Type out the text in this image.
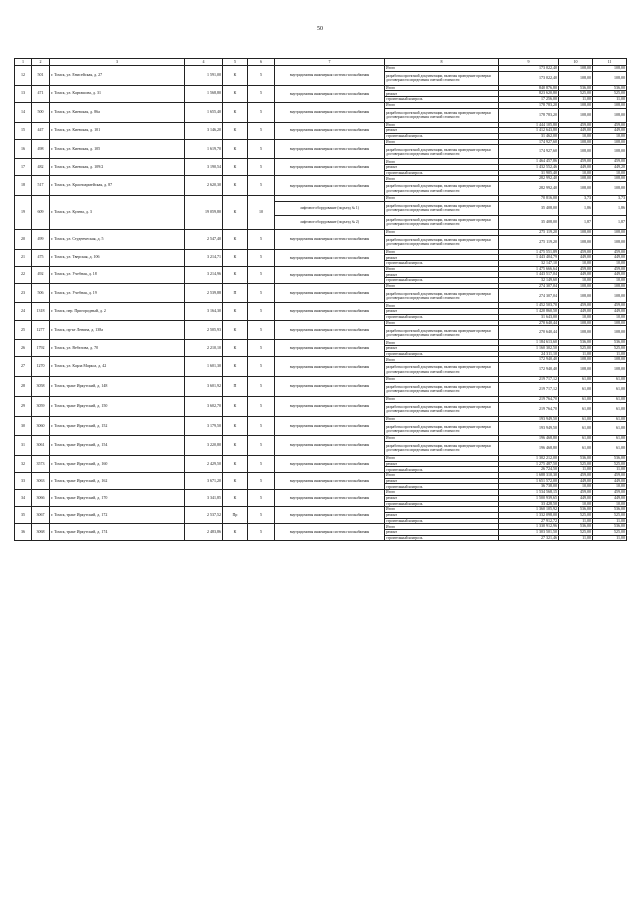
50
1	2	3	4	5	6	7	8	9	10	11
12	501	г. Томск, ул. Енисейская, д. 27	1 591,00	К	5	внутридомовая инженерная система газоснабжения	Итого	173 022,40	108,00	108,00
							разработка проектной документации, включая проведение проверки достоверности определения сметной стоимости	173 022,40	108,00	108,00
13	471	г. Томск, ул. Карташова, д. 31	1 568,80	К	5	внутридомовая инженерная система газоснабжения	Итого	840 876,80	536,00	536,00
							ремонт	823 620,80	525,00	525,00
							строительный контроль	17 256,00	11,00	11,00
14	500	г. Томск, ул. Киевская, д. 86а	1 655,40	К	5	внутридомовая инженерная система газоснабжения	Итого	178 783,20	108,00	108,00
							разработка проектной документации, включая проведение проверки достоверности определения сметной стоимости	178 783,20	108,00	108,00
15	447	г. Томск, ул. Киевская, д. 101	3 146,20	К	5	внутридомовая инженерная система газоснабжения	Итого	1 444 105,80	459,00	459,00
							ремонт	1 412 643,80	449,00	449,00
							строительный контроль	31 462,00	10,00	10,00
16	498	г. Томск, ул. Киевская, д. 105	1 619,70	К	5	внутридомовая инженерная система газоснабжения	Итого	174 927,60	108,00	108,00
							разработка проектной документации, включая проведение проверки достоверности определения сметной стоимости	174 927,60	108,00	108,00
17	482	г. Томск, ул. Киевская, д. 109/2	3 190,54	К	5	внутридомовая инженерная система газоснабжения	Итого	1 464 457,86	459,00	459,00
							ремонт	1 432 552,46	449,00	449,20
							строительный контроль	31 905,40	10,00	10,00
18	517	г. Томск, ул. Красноармейская, д. 87	2 620,30	К	5	внутридомовая инженерная система газоснабжения	Итого	282 992,40	108,00	108,00
							разработка проектной документации, включая проведение проверки достоверности определения сметной стоимости	282 992,40	108,00	108,00
19	609	г. Томск, ул. Кулева, д. 3	19 059,80	К	10		Итого	70 816,00	3,73	3,73
						лифтовое оборудование (подъезд № 1)	разработка проектной документации, включая проведение проверки достоверности определения сметной стоимости	35 408,00	1,86	1,86
						лифтовое оборудование (подъезд № 2)	разработка проектной документации, включая проведение проверки достоверности определения сметной стоимости	35 408,00	1,87	1,87
20	499	г. Томск, ул. Студенческая, д. 5	2 547,40	К	5	внутридомовая инженерная система газоснабжения	Итого	275 119,20	108,00	108,00
							разработка проектной документации, включая проведение проверки достоверности определения сметной стоимости	275 119,20	108,00	108,00
21	475	г. Томск, ул. Тверская, д. 106	3 214,71	К	5	внутридомовая инженерная система газоснабжения	Итого	1 475 551,89	459,00	459,00
							ремонт	1 443 404,79	449,00	449,00
							строительный контроль	32 147,10	10,00	10,00
22	492	г. Томск, ул. Учебная, д. 18	3 214,96	К	5	внутридомовая инженерная система газоснабжения	Итого	1 475 666,64	459,00	459,00
							ремонт	1 443 517,04	449,00	449,00
							строительный контроль	32 149,60	10,00	10,00
23	506	г. Томск, ул. Учебная, д. 19	2 539,88	П	5	внутридомовая инженерная система газоснабжения	Итого	274 307,04	108,00	108,00
							разработка проектной документации, включая проведение проверки достоверности определения сметной стоимости	274 307,04	108,00	108,00
24	1318	г. Томск, пер. Пригородный, д. 2	3 164,30	К	5	внутридомовая инженерная система газоснабжения	Итого	1 452 503,70	459,00	459,00
							ремонт	1 420 860,50	449,00	449,00
							строительный контроль	31 643,00	10,00	10,00
25	1277	г. Томск, пр-кт Ленина, д. 138а	2 505,93	К	5	внутридомовая инженерная система газоснабжения	Итого	270 640,44	108,00	108,00
							разработка проектной документации, включая проведение проверки достоверности определения сметной стоимости	270 640,44	108,00	108,00
26	1792	г. Томск, ул. Вебелова, д. 70	2 210,10	К	5	внутридомовая инженерная система газоснабжения	Итого	1 184 613,60	536,00	536,00
							ремонт	1 160 302,50	525,00	525,00
							строительный контроль	24 311,10	11,00	11,00
27	1270	г. Томск, ул. Карла Маркса, д. 42	1 601,30	К	5	внутридомовая инженерная система газоснабжения	Итого	172 940,40	108,00	108,00
							разработка проектной документации, включая проведение проверки достоверности определения сметной стоимости	172 940,40	108,00	108,00
28	3058	г. Томск, тракт Иркутский, д. 148	3 601,92	П	5	внутридомовая инженерная система газоснабжения	Итого	219 717,12	61,00	61,00
							разработка проектной документации, включая проведение проверки достоверности определения сметной стоимости	219 717,12	61,00	61,00
29	3059	г. Томск, тракт Иркутский, д. 150	3 602,70	К	5	внутридомовая инженерная система газоснабжения	Итого	219 764,70	61,00	61,00
							разработка проектной документации, включая проведение проверки достоверности определения сметной стоимости	219 764,70	61,00	61,00
30	3060	г. Томск, тракт Иркутский, д. 152	3 179,50	К	5	внутридомовая инженерная система газоснабжения	Итого	193 949,50	61,00	61,00
							разработка проектной документации, включая проведение проверки достоверности определения сметной стоимости	193 949,50	61,00	61,00
31	3061	г. Томск, тракт Иркутский, д. 154	3 220,80	К	5	внутридомовая инженерная система газоснабжения	Итого	196 468,80	61,00	61,00
							разработка проектной документации, включая проведение проверки достоверности определения сметной стоимости	196 468,80	61,00	61,00
32	3573	г. Томск, тракт Иркутский, д. 160	2 429,50	К	5	внутридомовая инженерная система газоснабжения	Итого	1 302 212,00	536,00	536,00
							ремонт	1 275 487,50	525,00	525,00
							строительный контроль	26 724,50	11,00	11,00
33	3063	г. Томск, тракт Иркутский, д. 162	3 671,20	К	5	внутридомовая инженерная система газоснабжения	Итого	1 688 310,30	459,00	459,00
							ремонт	1 651 572,00	449,00	449,00
							строительный контроль	36 738,00	10,00	10,00
34	3066	г. Томск, тракт Иркутский, д. 170	3 341,85	К	5	внутридомовая инженерная система газоснабжения	Итого	1 534 568,15	459,00	459,00
							ремонт	1 500 939,65	449,00	449,00
							строительный контроль	33 428,50	10,00	10,00
35	3067	г. Томск, тракт Иркутский, д. 172	2 537,52	Пр	5	внутридомовая инженерная система газоснабжения	Итого	1 360 105,92	536,00	536,00
							ремонт	1 332 098,00	525,00	525,00
							строительный контроль	27 912,72	11,00	11,00
36	3068	г. Томск, тракт Иркутский, д. 174	2 483,86	К	5	внутридомовая инженерная система газоснабжения	Итого	1 330 912,96	536,00	536,00
							ремонт	1 303 501,50	525,00	525,00
							строительный контроль	27 321,46	11,00	11,00
